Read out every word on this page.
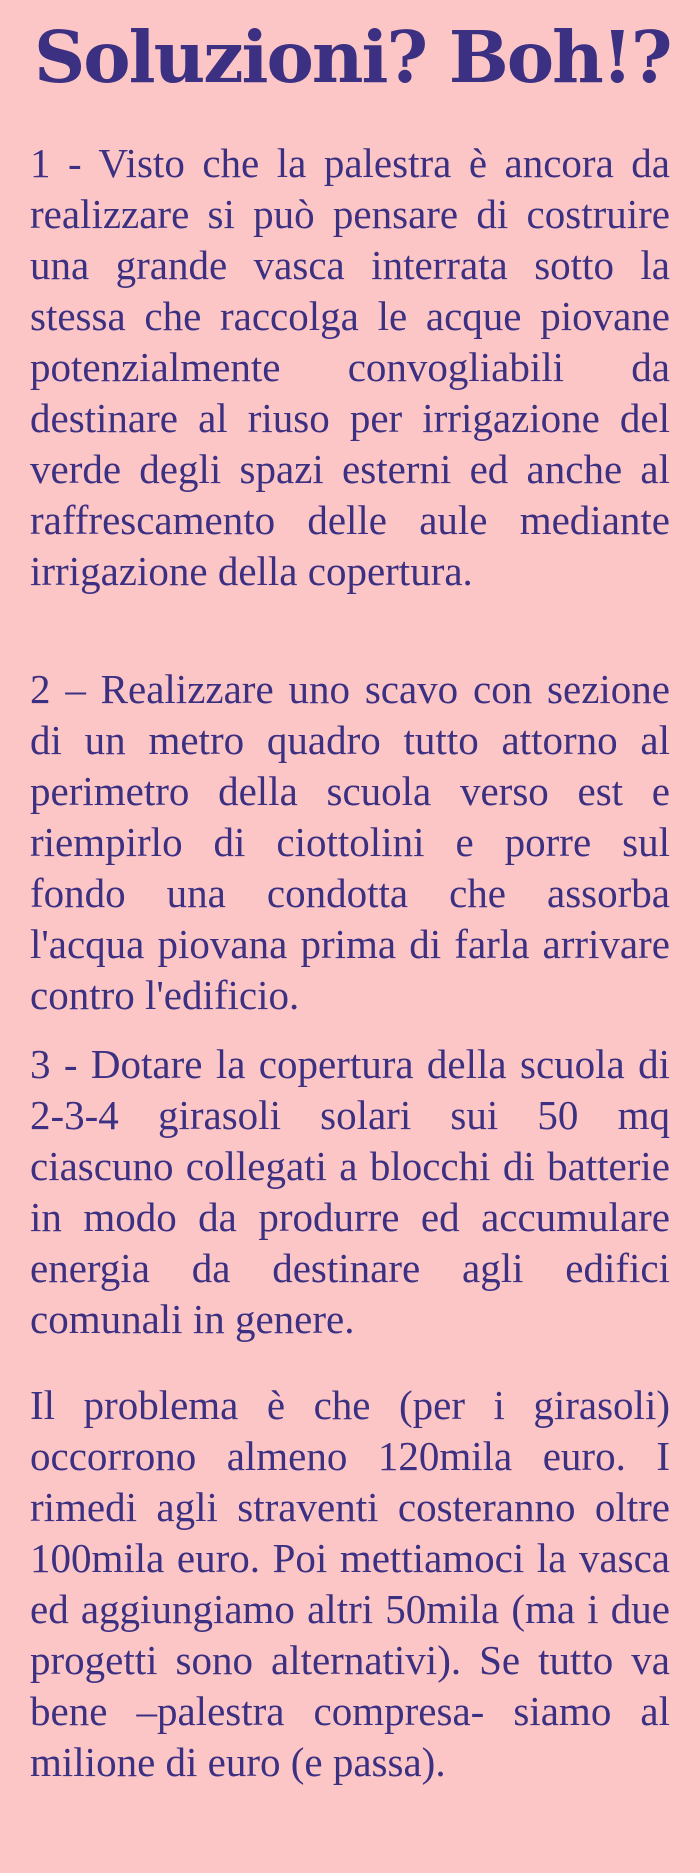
Soluzioni? Boh!?

1 - Visto che la palestra è ancora da realizzare si può pensare di costruire una grande vasca interrata sotto la stessa che raccolga le acque piovane potenzialmente convogliabili da destinare al riuso per irrigazione del verde degli spazi esterni ed anche al raffrescamento delle aule mediante irrigazione della copertura.

2 – Realizzare uno scavo con sezione di un metro quadro tutto attorno al perimetro della scuola verso est e riempirlo di ciottolini e porre sul fondo una condotta che assorba l'acqua piovana prima di farla arrivare contro l'edificio.

3 - Dotare la copertura della scuola di 2-3-4 girasoli solari sui 50 mq ciascuno collegati a blocchi di batterie in modo da produrre ed accumulare energia da destinare agli edifici comunali in genere.

Il problema è che (per i girasoli) occorrono almeno 120mila euro. I rimedi agli straventi costeranno oltre 100mila euro. Poi mettiamoci la vasca ed aggiungiamo altri 50mila (ma i due progetti sono alternativi). Se tutto va bene –palestra compresa- siamo al milione di euro (e passa).
